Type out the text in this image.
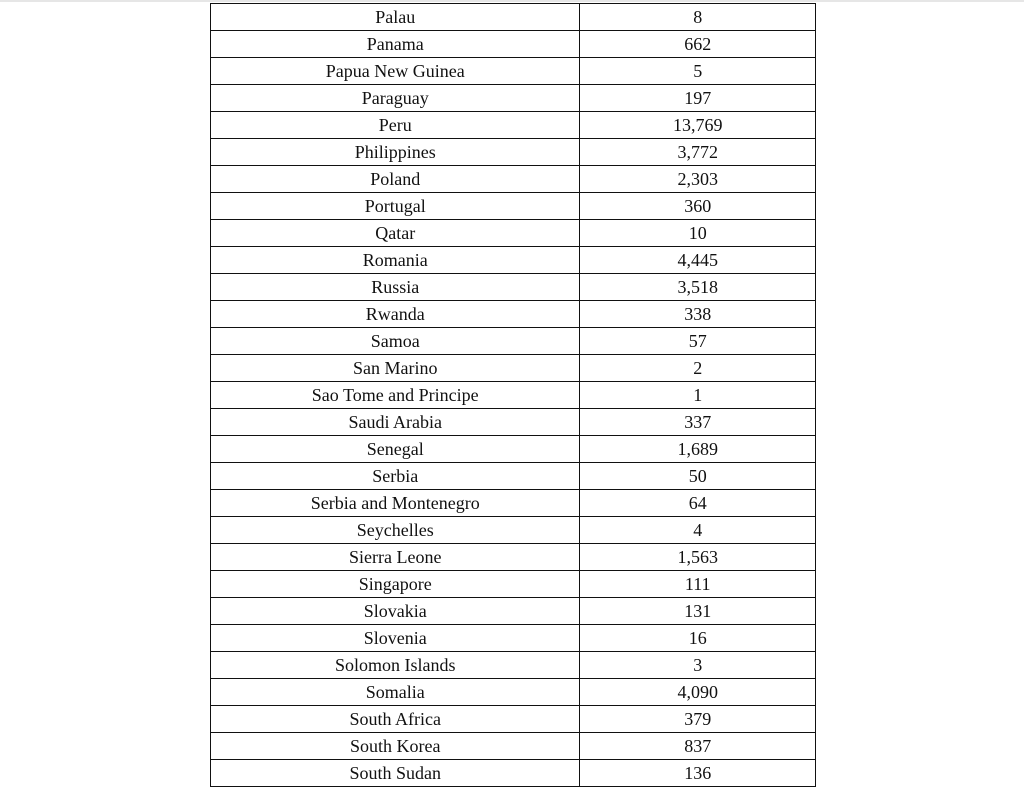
Palau	8
Panama	662
Papua New Guinea	5
Paraguay	197
Peru	13,769
Philippines	3,772
Poland	2,303
Portugal	360
Qatar	10
Romania	4,445
Russia	3,518
Rwanda	338
Samoa	57
San Marino	2
Sao Tome and Principe	1
Saudi Arabia	337
Senegal	1,689
Serbia	50
Serbia and Montenegro	64
Seychelles	4
Sierra Leone	1,563
Singapore	111
Slovakia	131
Slovenia	16
Solomon Islands	3
Somalia	4,090
South Africa	379
South Korea	837
South Sudan	136
